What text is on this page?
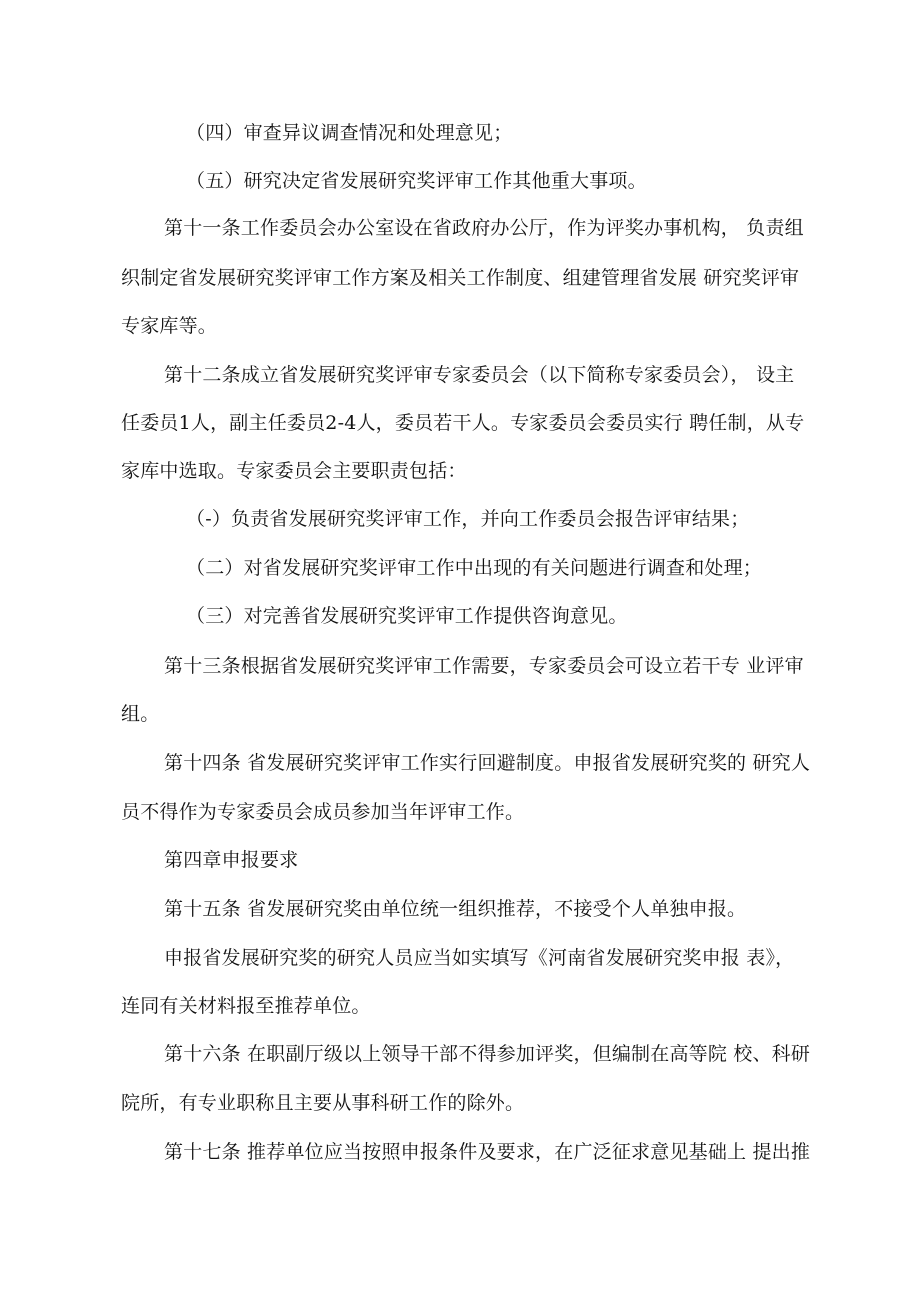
（四）审查异议调查情况和处理意见；
（五）研究决定省发展研究奖评审工作其他重大事项。
第十一条工作委员会办公室设在省政府办公厅，作为评奖办事机构， 负责组
织制定省发展研究奖评审工作方案及相关工作制度、组建管理省发展 研究奖评审
专家库等。
第十二条成立省发展研究奖评审专家委员会（以下简称专家委员会）， 设主
任委员1人，副主任委员2-4人，委员若干人。专家委员会委员实行 聘任制，从专
家库中选取。专家委员会主要职责包括：
（-）负责省发展研究奖评审工作，并向工作委员会报告评审结果；
（二）对省发展研究奖评审工作中出现的有关问题进行调查和处理；
（三）对完善省发展研究奖评审工作提供咨询意见。
第十三条根据省发展研究奖评审工作需要，专家委员会可设立若干专 业评审
组。
第十四条 省发展研究奖评审工作实行回避制度。申报省发展研究奖的 研究人
员不得作为专家委员会成员参加当年评审工作。
第四章申报要求
第十五条 省发展研究奖由单位统一组织推荐，不接受个人单独申报。
申报省发展研究奖的研究人员应当如实填写《河南省发展研究奖申报 表》，
连同有关材料报至推荐单位。
第十六条 在职副厅级以上领导干部不得参加评奖，但编制在高等院 校、科研
院所，有专业职称且主要从事科研工作的除外。
第十七条 推荐单位应当按照申报条件及要求，在广泛征求意见基础上 提出推
